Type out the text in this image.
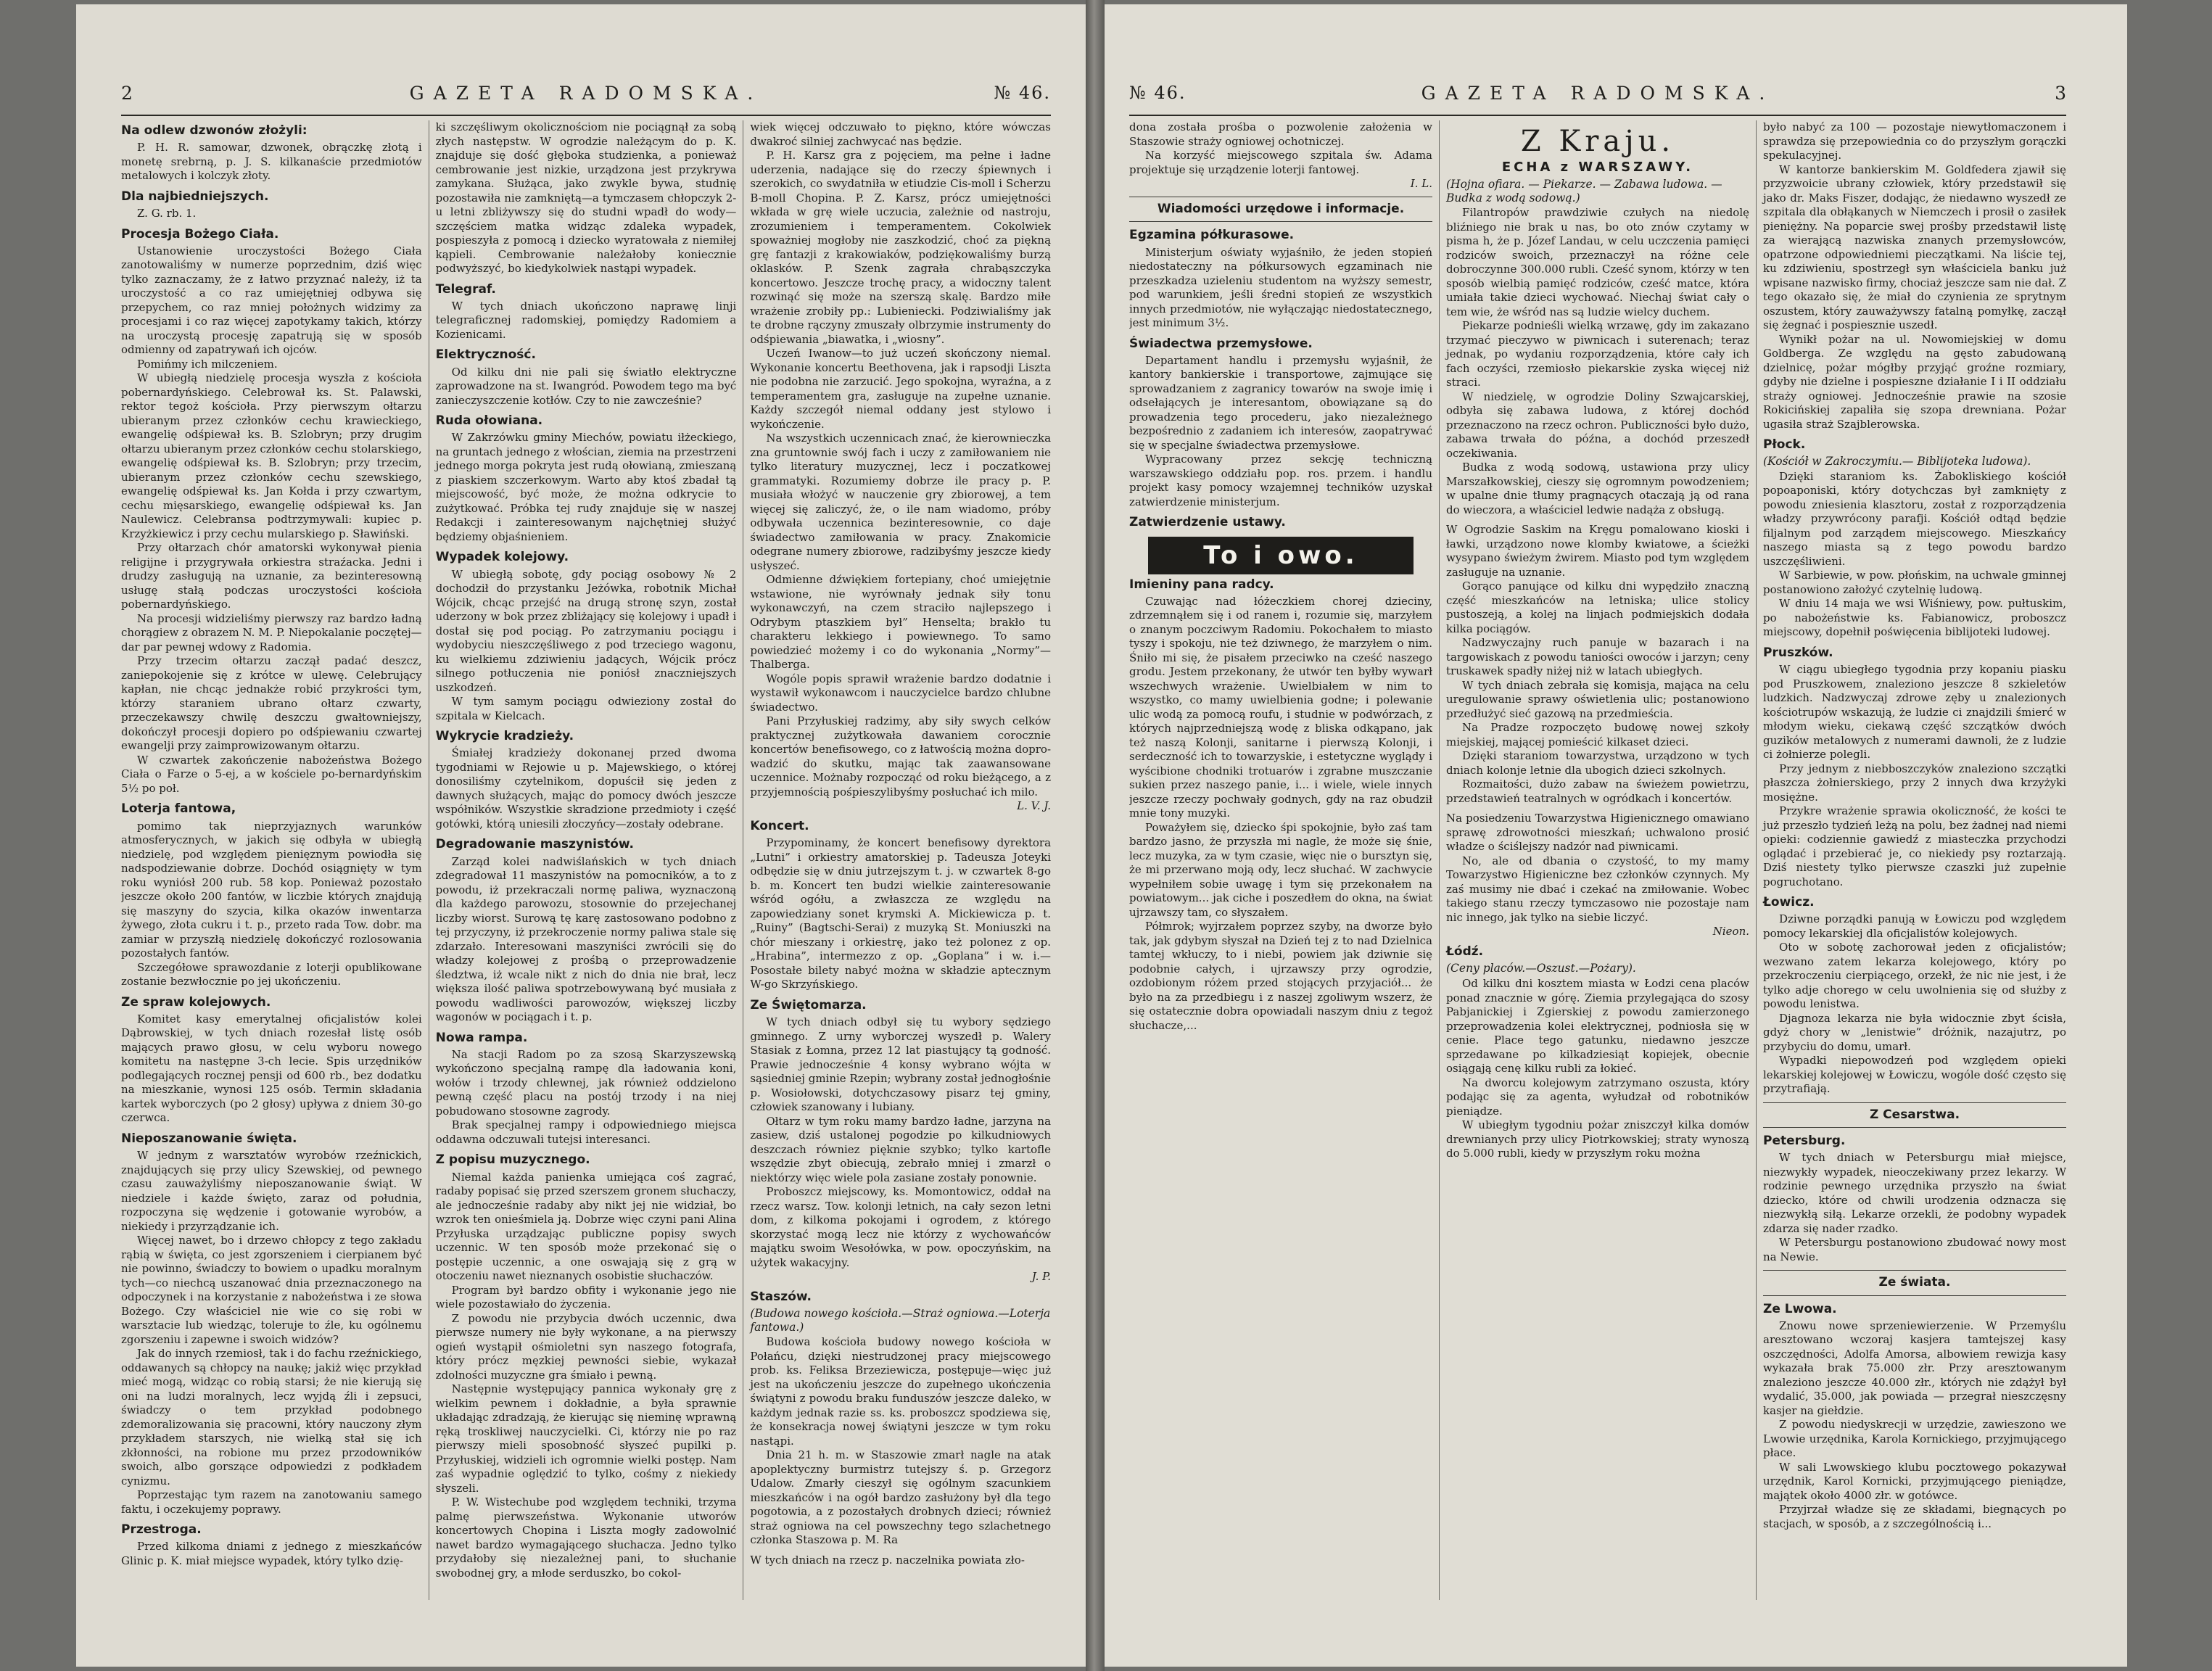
2	GAZETA RADOMSKA.	№ 46.
Na odlew dzwonów złożyli:

P. H. R. samowar, dzwonek, obrączkę złotą i monetę srebrną, p. J. S. kilkanaście przedmiotów metalowych i kolczyk złoty.

Dla najbiedniejszych.

Z. G. rb. 1.

Procesja Bożego Ciała.

Ustanowienie uroczystości Bożego Ciała zanotowaliśmy w numerze poprzednim, dziś więc tylko zaznaczamy, że z łatwo przyznać należy, iż ta uroczystość a co raz umiejętniej odbywa się przepychem, co raz mniej położnych widzimy za procesjami i co raz więcej zapotykamy takich, którzy na uroczystą procesję zapatrują się w sposób odmienny od zapatrywań ich ojców.

Pomińmy ich milczeniem.

W ubiegłą niedzielę procesja wyszła z kościoła pobernardyńskiego. Celebrował ks. St. Palawski, rektor tegoż kościoła. Przy pierwszym ołtarzu ubieranym przez członków cechu krawieckiego, ewangelię odśpiewał ks. B. Szlobryn; przy drugim ołtarzu ubieranym przez członków cechu stolarskiego, ewangelię odśpiewał ks. B. Szlobryn; przy trzecim, ubieranym przez członków cechu szewskiego, ewangelię odśpiewał ks. Jan Kołda i przy czwartym, cechu mięsarskiego, ewangelię odśpiewał ks. Jan Naulewicz. Celebransa podtrzymywali: kupiec p. Krzyżkiewicz i przy cechu mularskiego p. Sławiński.

Przy ołtarzach chór amatorski wykonywał pienia religijne i przygrywała orkiestra straźacka. Jedni i drudzy zasługują na uznanie, za bezinteresowną usługę stałą podczas uroczystości kościoła pobernardyńskiego.

Na procesji widzieliśmy pierwszy raz bardzo ładną chorągiew z obrazem N. M. P. Niepokalanie poczętej—dar par pewnej wdowy z Radomia.

Przy trzecim ołtarzu zaczął padać deszcz, zaniepokojenie się z krótce w ulewę. Celebrujący kapłan, nie chcąc jednakże robić przykrości tym, którzy staraniem ubrano ołtarz czwarty, przeczekawszy chwilę deszczu gwałtowniejszy, dokończył procesji dopiero po odśpiewaniu czwartej ewangelji przy zaimprowizowanym ołtarzu.

W czwartek zakończenie nabożeństwa Bożego Ciała o Farze o 5-ej, a w kościele po-bernardyńskim 5½ po poł.

Loterja fantowa,

pomimo tak nieprzyjaznych warunków atmosferycznych, w jakich się odbyła w ubiegłą niedzielę, pod względem pienięznym powiodła się nadspodziewanie dobrze. Dochód osiągnięty w tym roku wyniósł 200 rub. 58 kop. Ponieważ pozostało jeszcze około 200 fantów, w liczbie których znajdują się maszyny do szycia, kilka okazów inwentarza żywego, złota cukru i t. p., przeto rada Tow. dobr. ma zamiar w przyszłą niedzielę dokończyć rozlosowania pozostałych fantów.

Szczegółowe sprawozdanie z loterji opublikowane zostanie bezwłocznie po jej ukończeniu.

Ze spraw kolejowych.

Komitet kasy emerytalnej oficjalistów kolei Dąbrowskiej, w tych dniach rozesłał listę osób mających prawo głosu, w celu wyboru nowego komitetu na następne 3-ch lecie. Spis urzędników podlegających rocznej pensji od 600 rb., bez dodatku na mieszkanie, wynosi 125 osób. Termin składania kartek wyborczych (po 2 głosy) upływa z dniem 30-go czerwca.

Nieposzanowanie święta.

W jednym z warsztatów wyrobów rzeźnickich, znajdujących się przy ulicy Szewskiej, od pewnego czasu zauważyliśmy nieposzanowanie świąt. W niedziele i każde święto, zaraz od południa, rozpoczyna się wędzenie i gotowanie wyrobów, a niekiedy i przyrządzanie ich.

Więcej nawet, bo i drzewo chłopcy z tego zakładu rąbią w święta, co jest zgorszeniem i cierpianem być nie powinno, świadczy to bowiem o upadku moralnym tych—co niechcą uszanować dnia przeznaczonego na odpoczynek i na korzystanie z nabożeństwa i ze słowa Bożego. Czy właściciel nie wie co się robi w warsztacie lub wiedząc, toleruje to źle, ku ogólnemu zgorszeniu i zapewne i swoich widzów?

Jak do innych rzemiosł, tak i do fachu rzeźnickiego, oddawanych są chłopcy na naukę; jakiż więc przykład mieć mogą, widząc co robią starsi; że nie kierują się oni na ludzi moralnych, lecz wyjdą źli i zepsuci, świadczy o tem przykład podobnego zdemoralizowania się pracowni, który nauczony złym przykładem starszych, nie wielką stał się ich zkłonności, na robione mu przez przodowników swoich, albo gorszące odpowiedzi z podkładem cynizmu.

Poprzestając tym razem na zanotowaniu samego faktu, i oczekujemy poprawy.

Przestroga.

Przed kilkoma dniami z jednego z mieszkańców Glinic p. K. miał miejsce wypadek, który tylko dzię-

ki szczęśliwym okolicznościom nie pociągnął za sobą złych następstw. W ogrodzie należącym do p. K. znajduje się dość głęboka studzienka, a ponieważ cembrowanie jest nizkie, urządzona jest przykrywa zamykana. Służąca, jako zwykle bywa, studnię pozostawiła nie zamkniętą—a tymczasem chłopczyk 2-u letni zbliżywszy się do studni wpadł do wody—szczęściem matka widząc zdaleka wypadek, pospieszyła z pomocą i dziecko wyratowała z niemiłej kąpieli. Cembrowanie należałoby koniecznie podwyższyć, bo kiedykolwiek nastąpi wypadek.

Telegraf.

W tych dniach ukończono naprawę linji telegraficznej radomskiej, pomiędzy Radomiem a Kozienicami.

Elektryczność.

Od kilku dni nie pali się światło elektryczne zaprowadzone na st. Iwangród. Powodem tego ma być zanieczyszczenie kotłów. Czy to nie zawcześnie?

Ruda ołowiana.

W Zakrzówku gminy Miechów, powiatu iłżeckiego, na gruntach jednego z włościan, ziemia na przestrzeni jednego morga pokryta jest rudą ołowianą, zmieszaną z piaskiem szczerkowym. Warto aby ktoś zbadał tą miejscowość, być może, że można odkrycie to zużytkować. Próbka tej rudy znajduje się w naszej Redakcji i zainteresowanym najchętniej służyć będziemy objaśnieniem.

Wypadek kolejowy.

W ubiegłą sobotę, gdy pociąg osobowy № 2 dochodził do przystanku Jeżówka, robotnik Michał Wójcik, chcąc przejść na drugą stronę szyn, został uderzony w bok przez zbliżający się kolejowy i upadł i dostał się pod pociąg. Po zatrzymaniu pociągu i wydobyciu nieszczęśliwego z pod trzeciego wagonu, ku wielkiemu zdziwieniu jadących, Wójcik prócz silnego potłuczenia nie poniósł znaczniejszych uszkodzeń.

W tym samym pociągu odwieziony został do szpitala w Kielcach.

Wykrycie kradzieży.

Śmiałej kradzieży dokonanej przed dwoma tygodniami w Rejowie u p. Majewskiego, o której donosiliśmy czytelnikom, dopuścił się jeden z dawnych służących, mając do pomocy dwóch jeszcze współników. Wszystkie skradzione przedmioty i część gotówki, którą uniesili złoczyńcy—zostały odebrane.

Degradowanie maszynistów.

Zarząd kolei nadwiślańskich w tych dniach zdegradował 11 maszynistów na pomocników, a to z powodu, iż przekraczali normę paliwa, wyznaczoną dla każdego parowozu, stosownie do przejechanej liczby wiorst. Surową tę karę zastosowano podobno z tej przyczyny, iż przekroczenie normy paliwa stale się zdarzało. Interesowani maszyniści zwrócili się do władzy kolejowej z prośbą o przeprowadzenie śledztwa, iż wcale nikt z nich do dnia nie brał, lecz większa ilość paliwa spotrzebowywaną być musiała z powodu wadliwości parowozów, większej liczby wagonów w pociągach i t. p.

Nowa rampa.

Na stacji Radom po za szosą Skarzyszewską wykończono specjalną rampę dla ładowania koni, wołów i trzody chlewnej, jak również oddzielono pewną część placu na postój trzody i na niej pobudowano stosowne zagrody.

Brak specjalnej rampy i odpowiedniego miejsca oddawna odczuwali tutejsi interesanci.

Z popisu muzycznego.

Niemal każda panienka umiejąca coś zagrać, radaby popisać się przed szerszem gronem słuchaczy, ale jednocześnie radaby aby nikt jej nie widział, bo wzrok ten onieśmiela ją. Dobrze więc czyni pani Alina Przyłuska urządzając publiczne popisy swych uczennic. W ten sposób może przekonać się o postępie uczennic, a one oswajają się z grą w otoczeniu nawet nieznanych osobistie słuchaczów.

Program był bardzo obfity i wykonanie jego nie wiele pozostawiało do życzenia.

Z powodu nie przybycia dwóch uczennic, dwa pierwsze numery nie były wykonane, a na pierwszy ogień wystąpił ośmioletni syn naszego fotografa, który prócz męzkiej pewności siebie, wykazał zdolności muzyczne gra śmiało i pewną.

Następnie występujący pannica wykonały grę z wielkim pewnem i dokładnie, a była sprawnie układając zdradzają, że kierując się nieminę wprawną ręką troskliwej nauczycielki. Ci, którzy nie po raz pierwszy mieli sposobność słyszeć pupilki p. Przyłuskiej, widzieli ich ogromnie wielki postęp. Nam zaś wypadnie oględzić to tylko, cośmy z niekiedy słyszeli.

P. W. Wistechube pod względem techniki, trzyma palmę pierwszeństwa. Wykonanie utworów koncertowych Chopina i Liszta mogły zadowolnić nawet bardzo wymagającego słuchacza. Jedno tylko przydałoby się niezależnej pani, to słuchanie swobodnej gry, a młode serduszko, bo cokol-

wiek więcej odczuwało to piękno, które wówczas dwakroć silniej zachwycać nas będzie.

P. H. Karsz gra z pojęciem, ma pełne i ładne uderzenia, nadające się do rzeczy śpiewnych i szerokich, co swydatniła w etiudzie Cis-moll i Scherzu B-moll Chopina. P. Z. Karsz, prócz umiejętności wkłada w grę wiele uczucia, zależnie od nastroju, zrozumieniem i temperamentem. Cokolwiek spoważniej mogłoby nie zaszkodzić, choć za piękną grę fantazji z krakowiaków, podziękowaliśmy burzą oklasków. P. Szenk zagrała chrabąszczyka koncertowo. Jeszcze trochę pracy, a widoczny talent rozwinąć się może na szerszą skalę. Bardzo miłe wrażenie zrobiły pp.: Lubieniecki. Podziwialiśmy jak te drobne rączyny zmuszały olbrzymie instrumenty do odśpiewania „biawatka, i „wiosny”.

Uczeń Iwanow—to już uczeń skończony niemal. Wykonanie koncertu Beethovena, jak i rapsodji Liszta nie podobna nie zarzucić. Jego spokojna, wyraźna, a z temperamentem gra, zasługuje na zupełne uznanie. Każdy szczegół niemal oddany jest stylowo i wykończenie.

Na wszystkich uczennicach znać, że kierownieczka zna gruntownie swój fach i uczy z zamiłowaniem nie tylko literatury muzycznej, lecz i poczatkowej grammatyki. Rozumiemy dobrze ile pracy p. P. musiała włożyć w nauczenie gry zbiorowej, a tem więcej się zaliczyć, że, o ile nam wiadomo, próby odbywała uczennica bezinteresownie, co daje świadectwo zamiłowania w pracy. Znakomicie odegrane numery zbiorowe, radzibyśmy jeszcze kiedy usłyszeć.

Odmienne dźwiękiem fortepiany, choć umiejętnie wstawione, nie wyrównały jednak siły tonu wykonawczyń, na czem straciło najlepszego i Odrybym ptaszkiem był” Henselta; brakło tu charakteru lekkiego i powiewnego. To samo powiedzieć możemy i co do wykonania „Normy”—Thalberga.

Wogóle popis sprawił wrażenie bardzo dodatnie i wystawił wykonawcom i nauczycielce bardzo chlubne świadectwo.

Pani Przyłuskiej radzimy, aby siły swych celków praktycznej zużytkowała dawaniem corocznie koncertów benefisowego, co z łatwością można doprowadzić do skutku, mając tak zaawansowane uczennice. Możnaby rozpocząć od roku bieżącego, a z przyjemnością pośpieszylibyśmy posłuchać ich milo.

L. V. J.
Koncert.

Przypominamy, że koncert benefisowy dyrektora „Lutni” i orkiestry amatorskiej p. Tadeusza Joteyki odbędzie się w dniu jutrzejszym t. j. w czwartek 8-go b. m. Koncert ten budzi wielkie zainteresowanie wśród ogółu, a zwłaszcza ze względu na zapowiedziany sonet krymski A. Mickiewicza p. t. „Ruiny” (Bagtschi-Serai) z muzyką St. Moniuszki na chór mieszany i orkiestrę, jako też polonez z op. „Hrabina”, intermezzo z op. „Goplana” i w. i.—Posostałe bilety nabyć można w składzie aptecznym W-go Skrzyńskiego.

Ze Świętomarza.

W tych dniach odbył się tu wybory sędziego gminnego. Z urny wyborczej wyszedł p. Walery Stasiak z Łomna, przez 12 lat piastujący tą godność. Prawie jednocześnie 4 konsy wybrano wójta w sąsiedniej gminie Rzepin; wybrany został jednogłośnie p. Wosiołowski, dotychczasowy pisarz tej gminy, człowiek szanowany i lubiany.

Ołtarz w tym roku mamy bardzo ładne, jarzyna na zasiew, dziś ustalonej pogodzie po kilkudniowych deszczach równiez pięknie szybko; tylko kartofle wszędzie zbyt obiecują, zebrało mniej i zmarzł o niektórzy więc wiele pola zasiane zostały ponownie.

Proboszcz miejscowy, ks. Momontowicz, oddał na rzecz warsz. Tow. kolonji letnich, na cały sezon letni dom, z kilkoma pokojami i ogrodem, z którego skorzystać mogą lecz nie którzy z wychowańców majątku swoim Wesołówka, w pow. opoczyńskim, na użytek wakacyjny.

J. P.
Staszów.
(Budowa nowego kościoła.—Straż ogniowa.—Loterja fantowa.)

Budowa kościoła budowy nowego kościoła w Połańcu, dzięki niestrudzonej pracy miejscowego prob. ks. Feliksa Brzeziewicza, postępuje—więc już jest na ukończeniu jeszcze do zupełnego ukończenia świątyni z powodu braku funduszów jeszcze daleko, w każdym jednak razie ss. ks. proboszcz spodziewa się, że konsekracja nowej świątyni jeszcze w tym roku nastąpi.

Dnia 21 h. m. w Staszowie zmarł nagle na atak apoplektyczny burmistrz tutejszy ś. p. Grzegorz Udalow. Zmarły cieszył się ogólnym szacunkiem mieszkańców i na ogół bardzo zasłużony był dla tego pogotowia, a z pozostałych drobnych dzieci; również straż ogniowa na cel powszechny tego szlachetnego członka Staszowa p. M. Ra

W tych dniach na rzecz p. naczelnika powiata zło-

№ 46.	GAZETA RADOMSKA.	3

dona została prośba o pozwolenie założenia w Staszowie straży ogniowej ochotniczej.

Na korzyść miejscowego szpitala św. Adama projektuje się urządzenie loterji fantowej.

I. L.
Wiadomości urzędowe i informacje.
Egzamina półkurasowe.

Ministerjum oświaty wyjaśniło, że jeden stopień niedostateczny na półkursowych egzaminach nie przeszkadza uzieleniu studentom na wyższy semestr, pod warunkiem, jeśli średni stopień ze wszystkich innych przedmiotów, nie wyłączając niedostatecznego, jest minimum 3½.

Świadectwa przemysłowe.

Departament handlu i przemysłu wyjaśnił, że kantory bankierskie i transportowe, zajmujące się sprowadzaniem z zagranicy towarów na swoje imię i odsełających je interesantom, obowiązane są do prowadzenia tego procederu, jako niezależnego bezpośrednio z zadaniem ich interesów, zaopatrywać się w specjalne świadectwa przemysłowe.

Wypracowany przez sekcję techniczną warszawskiego oddziału pop. ros. przem. i handlu projekt kasy pomocy wzajemnej techników uzyskał zatwierdzenie ministerjum.

Zatwierdzenie ustawy.
To i owo.
Imieniny pana radcy.

Czuwając nad łóżeczkiem chorej dzieciny, zdrzemnąłem się i od ranem i, rozumie się, marzyłem o znanym poczciwym Radomiu. Pokochałem to miasto tyszy i spokoju, nie też dziwnego, że marzyłem o nim. Śniło mi się, że pisałem przeciwko na cześć naszego grodu. Jestem przekonany, że utwór ten byłby wywarł wszechwych wrażenie. Uwielbiałem w nim to wszystko, co mamy uwielbienia godne; i polewanie ulic wodą za pomocą roufu, i studnie w podwórzach, z których najprzedniejszą wodę z bliska odkąpano, jak też naszą Kolonji, sanitarne i pierwszą Kolonji, i serdeczność ich to towarzyskie, i estetyczne wyglądy i wyścibione chodniki trotuarów i zgrabne muszczanie sukien przez naszego panie, i... i wiele, wiele innych jeszcze rzeczy pochwały godnych, gdy na raz obudził mnie tony muzyki.

Poważyłem się, dziecko śpi spokojnie, było zaś tam bardzo jasno, że przyszła mi nagle, że może się śnie, lecz muzyka, za w tym czasie, więc nie o bursztyn się, że mi przerwano moją ody, lecz słuchać. W zachwycie wypełniłem sobie uwagę i tym się przekonałem na powiatowym... jak ciche i poszedłem do okna, na świat ujrzawszy tam, co słyszałem.

Półmrok; wyjrzałem poprzez szyby, na dworze było tak, jak gdybym słyszał na Dzień tej z to nad Dzielnica tamtej wkłuczy, to i niebi, powiem jak dziwnie się podobnie całych, i ujrzawszy przy ogrodzie, ozdobionym różem przed stojących przyjaciół... że było na za przedbiegu i z naszej zgoliwym wszerz, że się ostatecznie dobra opowiadali naszym dniu z tegoż słuchacze,...

Z Kraju.
ECHA z WARSZAWY.
(Hojna ofiara. — Piekarze. — Zabawa ludowa. — Budka z wodą sodową.)

Filantropów prawdziwie czułych na niedolę bliźniego nie brak u nas, bo oto znów czytamy w pisma h, że p. Józef Landau, w celu uczczenia pamięci rodziców swoich, przeznaczył na różne cele dobroczynne 300.000 rubli. Cześć synom, którzy w ten sposób wielbią pamięć rodziców, cześć matce, która umiała takie dzieci wychować. Niechaj świat cały o tem wie, że wśród nas są ludzie wielcy duchem.

Piekarze podnieśli wielką wrzawę, gdy im zakazano trzymać pieczywo w piwnicach i suterenach; teraz jednak, po wydaniu rozporządzenia, które cały ich fach oczyści, rzemiosło piekarskie zyska więcej niż straci.

W niedzielę, w ogrodzie Doliny Szwajcarskiej, odbyła się zabawa ludowa, z której dochód przeznaczono na rzecz ochron. Publiczności było dużo, zabawa trwała do późna, a dochód przeszedł oczekiwania.

Budka z wodą sodową, ustawiona przy ulicy Marszałkowskiej, cieszy się ogromnym powodzeniem; w upalne dnie tłumy pragnących otaczają ją od rana do wieczora, a właściciel ledwie nadąża z obsługą.

W Ogrodzie Saskim na Kręgu pomalowano kioski i ławki, urządzono nowe klomby kwiatowe, a ścieżki wysypano świeżym żwirem. Miasto pod tym względem zasługuje na uznanie.

Gorąco panujące od kilku dni wypędziło znaczną część mieszkańców na letniska; ulice stolicy pustoszeją, a kolej na linjach podmiejskich dodała kilka pociągów.

Nadzwyczajny ruch panuje w bazarach i na targowiskach z powodu taniości owoców i jarzyn; ceny truskawek spadły niżej niż w latach ubiegłych.

W tych dniach zebrała się komisja, mająca na celu uregulowanie sprawy oświetlenia ulic; postanowiono przedłużyć sieć gazową na przedmieścia.

Na Pradze rozpoczęto budowę nowej szkoły miejskiej, mającej pomieścić kilkaset dzieci.

Dzięki staraniom towarzystwa, urządzono w tych dniach kolonje letnie dla ubogich dzieci szkolnych.

Rozmaitości, dużo zabaw na świeżem powietrzu, przedstawień teatralnych w ogródkach i koncertów.

Na posiedzeniu Towarzystwa Higienicznego omawiano sprawę zdrowotności mieszkań; uchwalono prosić władze o ściślejszy nadzór nad piwnicami.

No, ale od dbania o czystość, to my mamy Towarzystwo Higieniczne bez członków czynnych. My zaś musimy nie dbać i czekać na zmiłowanie. Wobec takiego stanu rzeczy tymczasowo nie pozostaje nam nic innego, jak tylko na siebie liczyć.

Nieon.
Łódź.
(Ceny placów.—Oszust.—Pożary).

Od kilku dni kosztem miasta w Łodzi cena placów ponad znacznie w górę. Ziemia przylegająca do szosy Pabjanickiej i Zgierskiej z powodu zamierzonego przeprowadzenia kolei elektrycznej, podniosła się w cenie. Place tego gatunku, niedawno jeszcze sprzedawane po kilkadziesiąt kopiejek, obecnie osiągają cenę kilku rubli za łokieć.

Na dworcu kolejowym zatrzymano oszusta, który podając się za agenta, wyłudzał od robotników pieniądze.

W ubiegłym tygodniu pożar zniszczył kilka domów drewnianych przy ulicy Piotrkowskiej; straty wynoszą do 5.000 rubli, kiedy w przyszłym roku można

było nabyć za 100 — pozostaje niewytłomaczonem i sprawdza się przepowiednia co do przyszłym gorączki spekulacyjnej.

W kantorze bankierskim M. Goldfedera zjawił się przyzwoicie ubrany człowiek, który przedstawił się jako dr. Maks Fiszer, dodając, że niedawno wyszedł ze szpitala dla obłąkanych w Niemczech i prosił o zasiłek pieniężny. Na poparcie swej prośby przedstawił listę za wierającą nazwiska znanych przemysłowców, opatrzone odpowiedniemi pieczątkami. Na liście tej, ku zdziwieniu, spostrzegł syn właściciela banku już wpisane nazwisko firmy, chociaż jeszcze sam nie dał. Z tego okazało się, że miał do czynienia ze sprytnym oszustem, który zauważywszy fatalną pomyłkę, zaczął się żegnać i pospiesznie uszedł.

Wynikł pożar na ul. Nowomiejskiej w domu Goldberga. Ze względu na gęsto zabudowaną dzielnicę, pożar mógłby przyjąć groźne rozmiary, gdyby nie dzielne i pospieszne działanie I i II oddziału straży ogniowej. Jednocześnie prawie na szosie Rokicińskiej zapaliła się szopa drewniana. Pożar ugasiła straż Szajblerowska.

Płock.
(Kościół w Zakroczymiu.— Biblijoteka ludowa).

Dzięki staraniom ks. Żabokliskiego kościół popoaponiski, który dotychczas był zamknięty z powodu zniesienia klasztoru, został z rozporządzenia władzy przywrócony parafji. Kościół odtąd będzie filjalnym pod zarządem miejscowego. Mieszkańcy naszego miasta są z tego powodu bardzo uszczęśliwieni.

W Sarbiewie, w pow. płońskim, na uchwale gminnej postanowiono założyć czytelnię ludową.

W dniu 14 maja we wsi Wiśniewy, pow. pułtuskim, po nabożeństwie ks. Fabianowicz, proboszcz miejscowy, dopełnił poświęcenia biblijoteki ludowej.

Pruszków.

W ciągu ubiegłego tygodnia przy kopaniu piasku pod Pruszkowem, znaleziono jeszcze 8 szkieletów ludzkich. Nadzwyczaj zdrowe zęby u znalezionych kościotrupów wskazują, że ludzie ci znajdzili śmierć w młodym wieku, ciekawą część szczątków dwóch guzików metalowych z numerami dawnoli, że z ludzie ci żołnierze polegli.

Przy jednym z niebboszczyków znaleziono szczątki płaszcza żołnierskiego, przy 2 innych dwa krzyżyki mosiężne.

Przykre wrażenie sprawia okoliczność, że kości te już przeszło tydzień leżą na polu, bez żadnej nad niemi opieki: codziennie gawiedź z miasteczka przychodzi oglądać i przebierać je, co niekiedy psy roztarzają. Dziś niestety tylko pierwsze czaszki już zupełnie pogruchotano.

Łowicz.

Dziwne porządki panują w Łowiczu pod względem pomocy lekarskiej dla oficjalistów kolejowych.

Oto w sobotę zachorował jeden z oficjalistów; wezwano zatem lekarza kolejowego, który po przekroczeniu cierpiącego, orzekł, że nic nie jest, i że tylko adje chorego w celu uwolnienia się od służby z powodu lenistwa.

Djagnoza lekarza nie była widocznie zbyt ścisła, gdyż chory w „lenistwie” dróżnik, nazajutrz, po przybyciu do domu, umarł.

Wypadki niepowodzeń pod względem opieki lekarskiej kolejowej w Łowiczu, wogóle dość często się przytrafiają.

Z Cesarstwa.
Petersburg.

W tych dniach w Petersburgu miał miejsce, niezwykły wypadek, nieoczekiwany przez lekarzy. W rodzinie pewnego urzędnika przyszło na świat dziecko, które od chwili urodzenia odznacza się niezwykłą siłą. Lekarze orzekli, że podobny wypadek zdarza się nader rzadko.

W Petersburgu postanowiono zbudować nowy most na Newie.

Ze świata.
Ze Lwowa.

Znowu nowe sprzeniewierzenie. W Przemyślu aresztowano wczoraj kasjera tamtejszej kasy oszczędności, Adolfa Amorsa, albowiem rewizja kasy wykazała brak 75.000 złr. Przy aresztowanym znaleziono jeszcze 40.000 złr., których nie zdążył był wydalić, 35.000, jak powiada — przegrał nieszczęsny kasjer na giełdzie.

Z powodu niedyskrecji w urzędzie, zawieszono we Lwowie urzędnika, Karola Kornickiego, przyjmującego płace.

W sali Lwowskiego klubu pocztowego pokazywał urzędnik, Karol Kornicki, przyjmującego pieniądze, majątek około 4000 złr. w gotówce.

Przyjrzał władze się ze składami, biegnących po stacjach, w sposób, a z szczególnością i...
